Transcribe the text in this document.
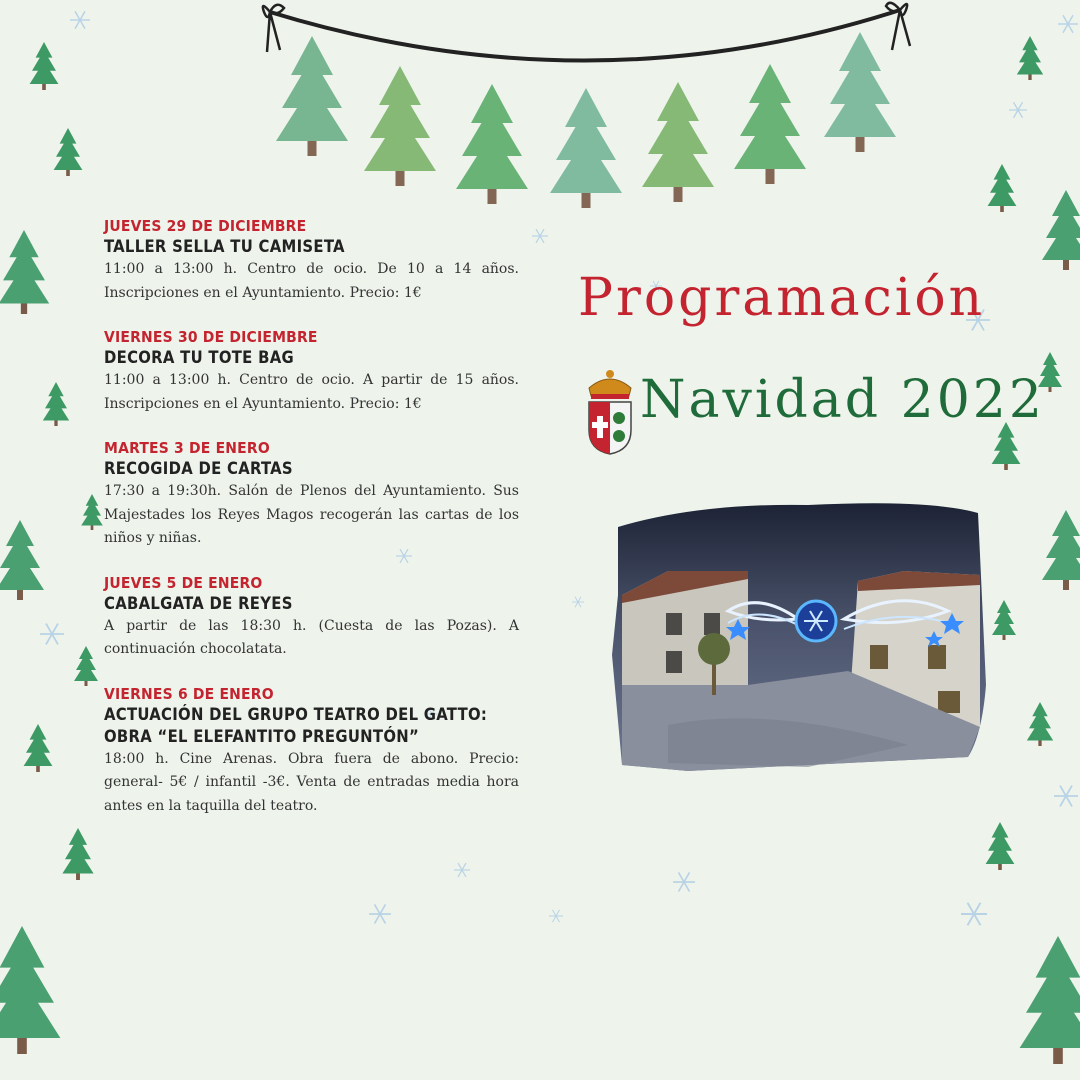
JUEVES 29 DE DICIEMBRE
TALLER SELLA TU CAMISETA
11:00 a 13:00 h. Centro de ocio. De 10 a 14 años. Inscripciones en el Ayuntamiento. Precio: 1€
VIERNES 30 DE DICIEMBRE
DECORA TU TOTE BAG
11:00 a 13:00 h. Centro de ocio. A partir de 15 años. Inscripciones en el Ayuntamiento. Precio: 1€
MARTES 3 DE ENERO
RECOGIDA DE CARTAS
17:30 a 19:30h. Salón de Plenos del Ayuntamiento. Sus Majestades los Reyes Magos recogerán las cartas de los niños y niñas.
JUEVES 5 DE ENERO
CABALGATA DE REYES
A partir de las 18:30 h. (Cuesta de las Pozas). A continuación chocolatata.
VIERNES 6 DE ENERO
ACTUACIÓN DEL GRUPO TEATRO DEL GATTO: OBRA “EL ELEFANTITO PREGUNTÓN”
18:00 h. Cine Arenas. Obra fuera de abono. Precio: general- 5€ / infantil -3€. Venta de entradas media hora antes en la taquilla del teatro.
Programación
Navidad 2022
